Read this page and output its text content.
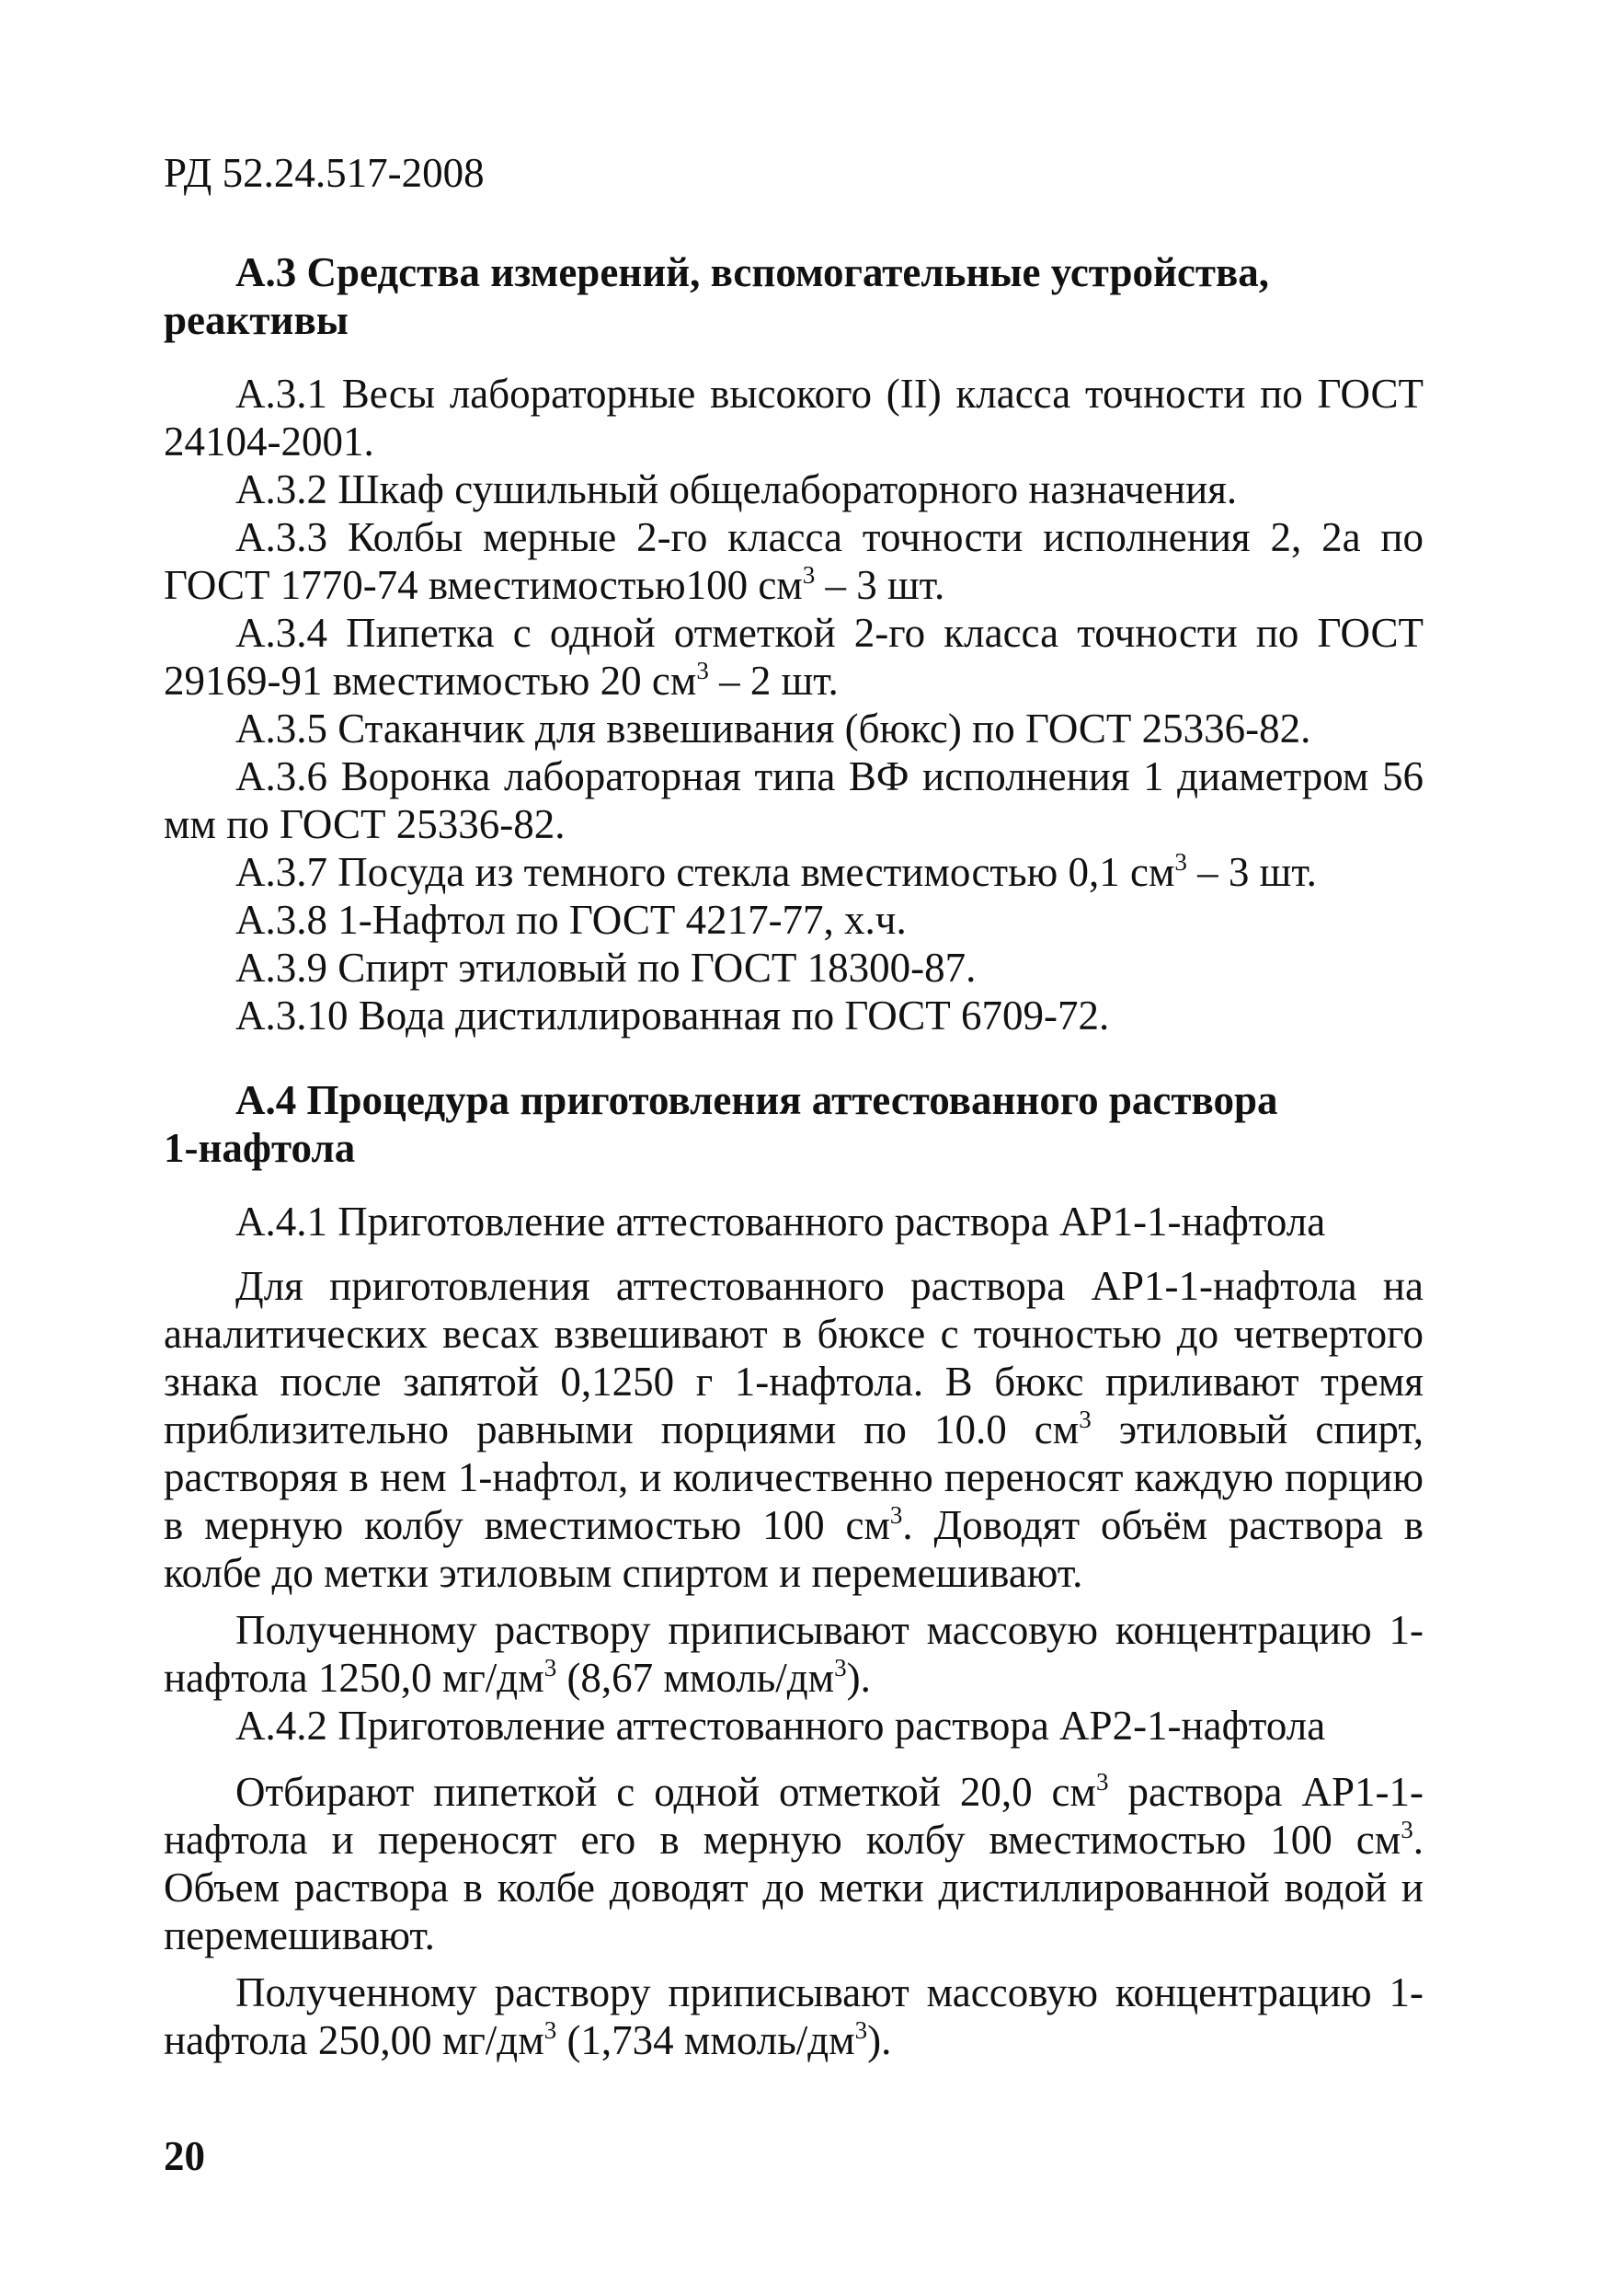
РД 52.24.517-2008

А.3 Средства измерений, вспомогательные устройства, реактивы

А.3.1 Весы лабораторные высокого (II) класса точности по ГОСТ 24104-2001.

А.3.2 Шкаф сушильный общелабораторного назначения.

А.3.3 Колбы мерные 2-го класса точности исполнения 2, 2а по ГОСТ 1770-74 вместимостью100 $см^3 - 3$ шт.

А.3.4 Пипетка с одной отметкой 2-го класса точности по ГОСТ 29169-91 вместимостью 20 $см^3 - 2$ шт.

А.3.5 Стаканчик для взвешивания (бюкс) по ГОСТ 25336-82.

А.3.6 Воронка лабораторная типа ВФ исполнения 1 диаметром 56 мм по ГОСТ 25336-82.

А.3.7 Посуда из темного стекла вместимостью 0,1 $см^3 - 3$ шт.

А.3.8 1-Нафтол по ГОСТ 4217-77, х.ч.

А.3.9 Спирт этиловый по ГОСТ 18300-87.

А.3.10 Вода дистиллированная по ГОСТ 6709-72.

А.4 Процедура приготовления аттестованного раствора

1-нафтола

А.4.1 Приготовление аттестованного раствора АР1-1-нафтола

Для приготовления аттестованного раствора АР1-1-нафтола на аналитических весах взвешивают в бюксе с точностью до четвертого знака после запятой 0,1250 г 1-нафтола. В бюкс приливают тремя приблизительно равными порциями по 10.0 $см^3$ этиловый спирт, растворяя в нем 1-нафтол, и количественно переносят каждую порцию в мерную колбу вместимостью 100 $см^3$. Доводят объём раствора в колбе до метки этиловым спиртом и перемешивают.

Полученному раствору приписывают массовую концентрацию 1-нафтола 1250,0 $мг/дм^3$ (8,67 ммоль/$дм^3$).

А.4.2 Приготовление аттестованного раствора АР2-1-нафтола

Отбирают пипеткой с одной отметкой 20,0 $см^3$ раствора АР1-1-нафтола и переносят его в мерную колбу вместимостью 100 $см^3$. Объем раствора в колбе доводят до метки дистиллированной водой и перемешивают.

Полученному раствору приписывают массовую концентрацию 1-нафтола 250,00 $мг/дм^3$ (1,734 ммоль/$дм^3$).

20
